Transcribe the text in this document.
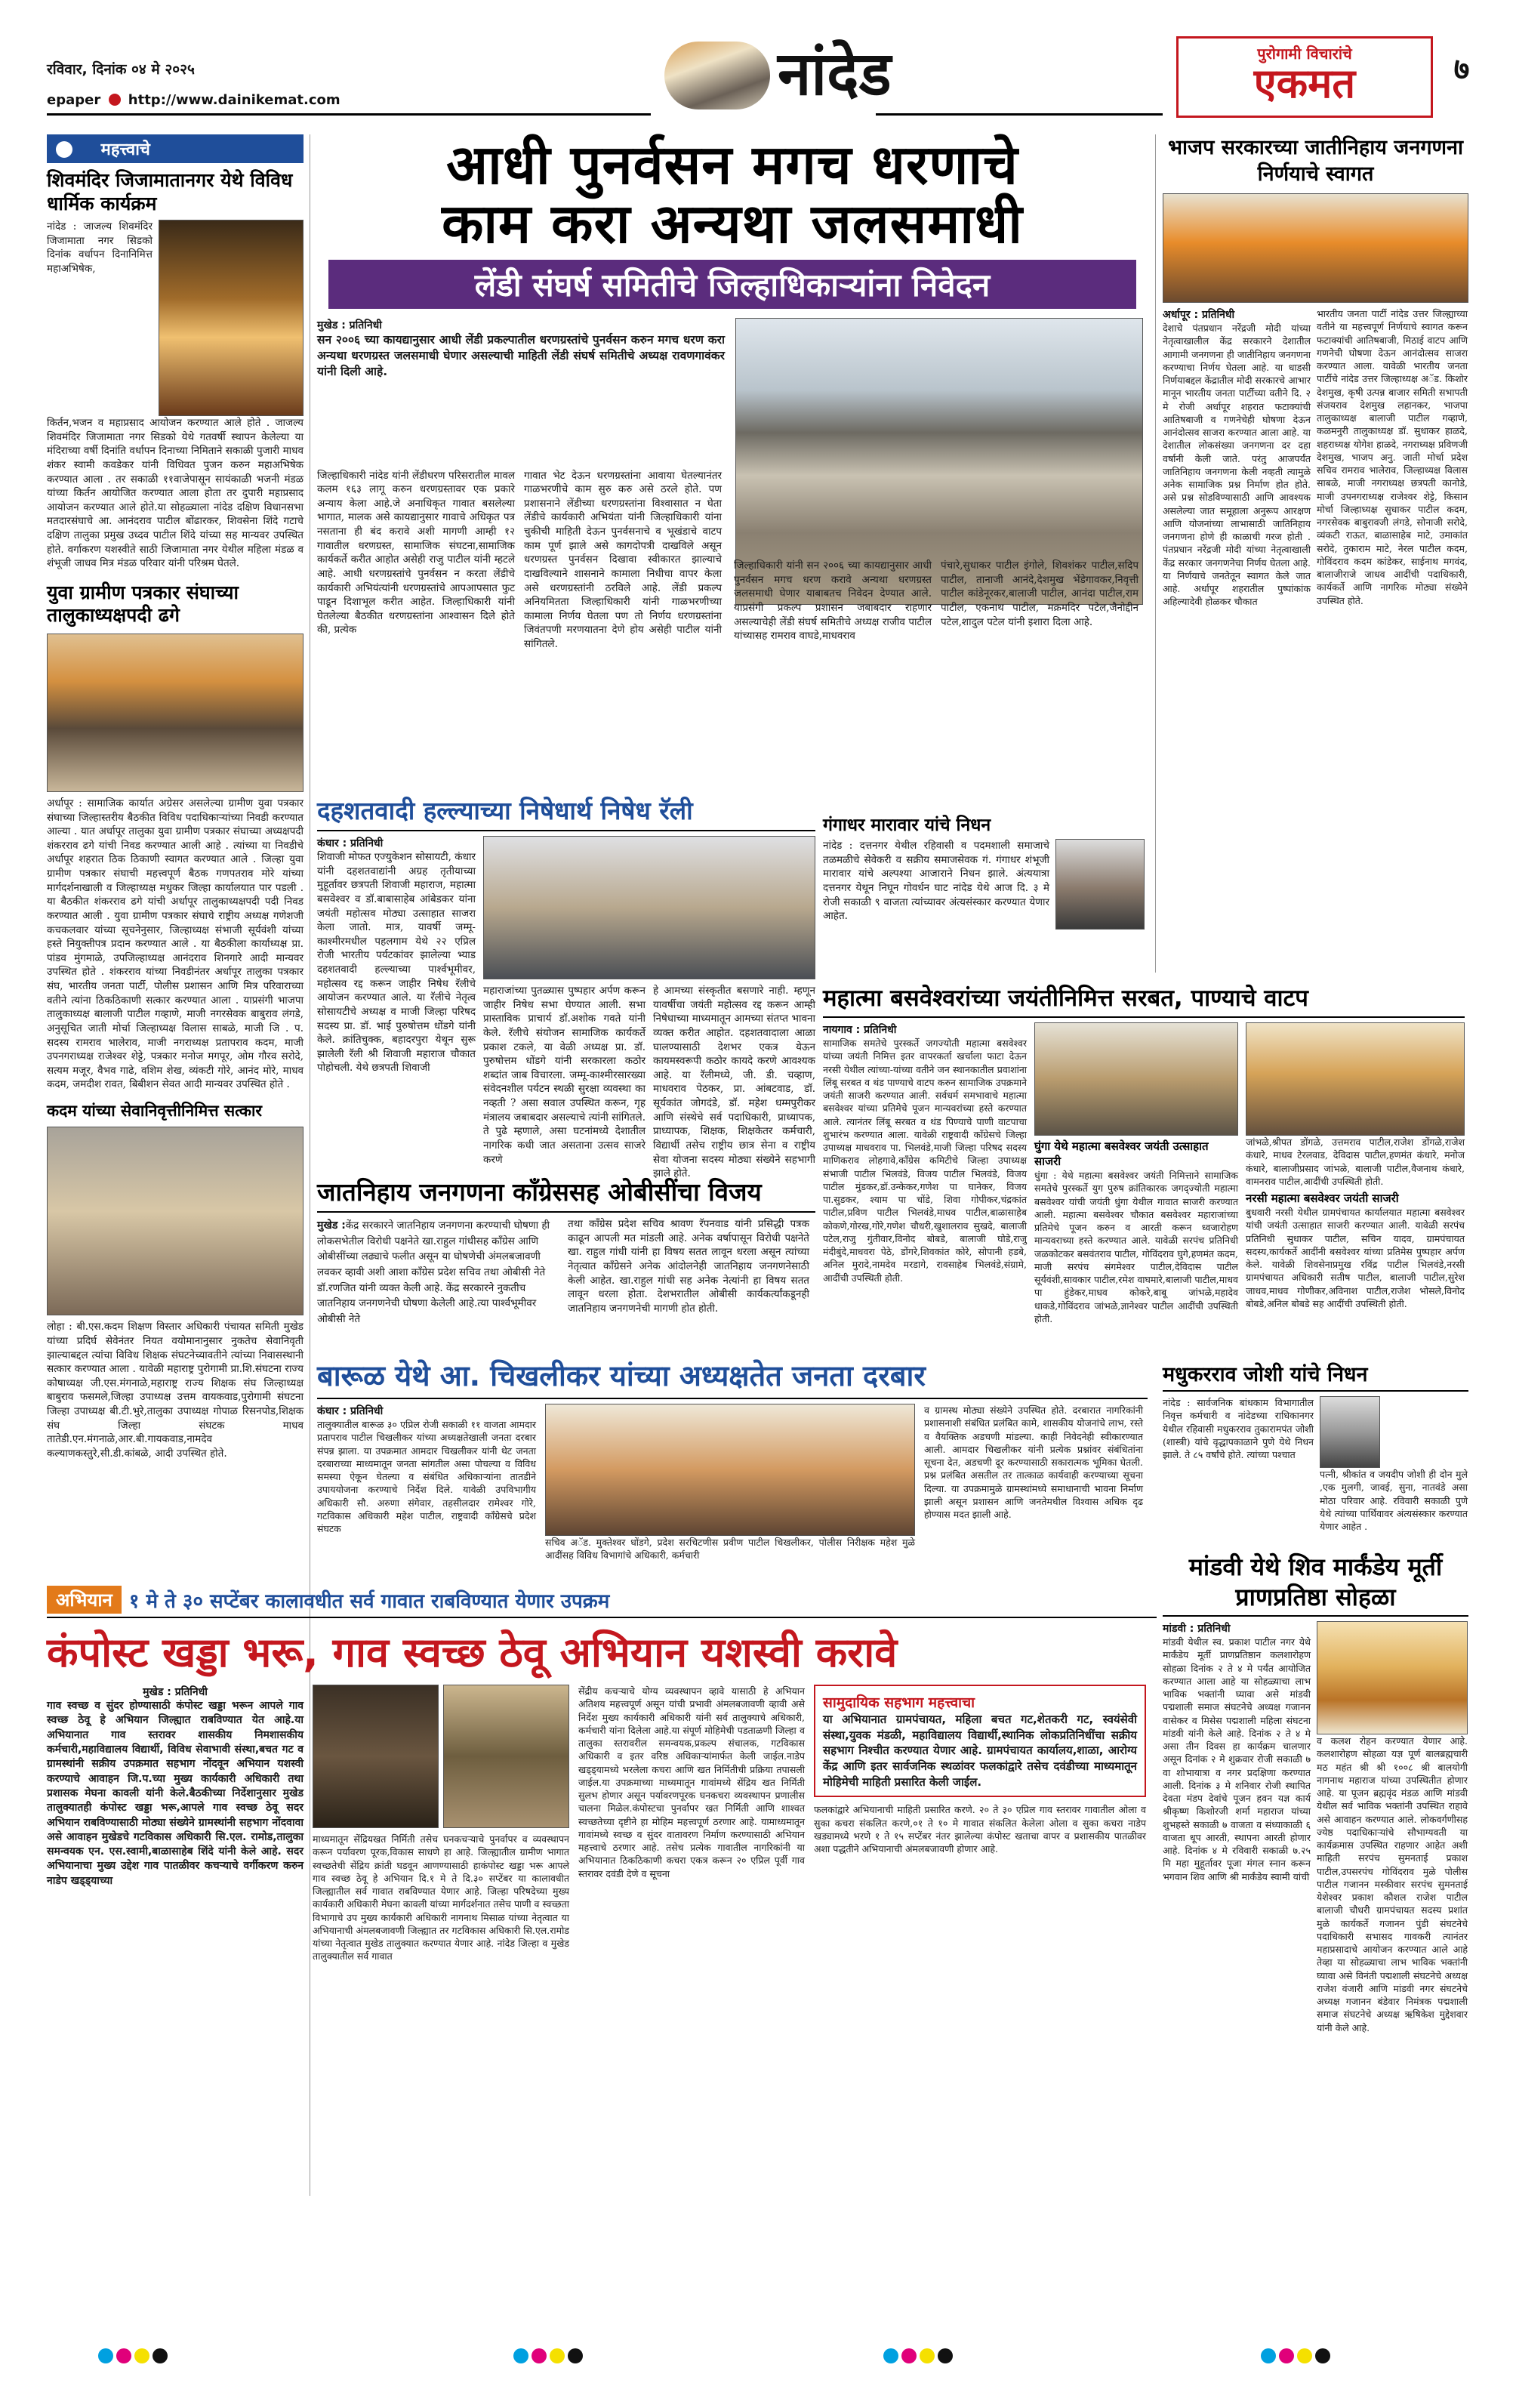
रविवार, दिनांक ०४ मे २०२५
epaper http://www.dainikemat.com	नांदेड	पुरोगामी विचारांचे
एकमत	७
महत्त्वाचे
शिवमंदिर जिजामातानगर येथे विविध धार्मिक कार्यक्रम
नांदेड : जाजल्य शिवमंदिर जिजामाता नगर सिडको दिनांक वर्धापन दिनानिमित्त महाअभिषेक,
किर्तन,भजन व महाप्रसाद आयोजन करण्यात आले होते . जाजल्य शिवमंदिर जिजामाता नगर सिडको येथे गतवर्षी स्थापन केलेल्या या मंदिराच्या वर्षी दिनांति वर्धापन दिनाच्या निमिताने सकाळी पुजारी माधव शंकर स्वामी कवडेकर यांनी विधिवत पुजन करुन महाअभिषेक करण्यात आला . तर सकाळी ११वाजेपासून सायंकाळी भजनी मंडळ यांच्या किर्तन आयोजित करण्यात आला होता तर दुपारी महाप्रसाद आयोजन करण्यात आले होते.या सोहळ्याला नांदेड दक्षिण विधानसभा मतदारसंघाचे आ. आनंदराव पाटील बोंढारकर, शिवसेना शिंदे गटाचे दक्षिण तालुका प्रमुख उध्दव पाटील शिंदे यांच्या सह मान्यवर उपस्थित होते. वर्गाकरण यशस्वीते साठी जिजामाता नगर येथील महिला मंडळ व शंभूजी जाधव मित्र मंडळ परिवार यांनी परिश्रम घेतले.
युवा ग्रामीण पत्रकार संघाच्या तालुकाध्यक्षपदी ढगे
अर्धापूर : सामाजिक कार्यात अग्रेसर असलेल्या ग्रामीण युवा पत्रकार संघाच्या जिल्हास्तरीय बैठकीत विविध पदाधिकाऱ्यांच्या निवडी करण्यात आल्या . यात अर्धापूर तालुका युवा ग्रामीण पत्रकार संघाच्या अध्यक्षपदी शंकरराव ढगे यांची निवड करण्यात आली आहे . त्यांच्या या निवडीचे अर्धापूर शहरात ठिक ठिकाणी स्वागत करण्यात आले . जिल्हा युवा ग्रामीण पत्रकार संघाची महत्त्वपूर्ण बैठक गणपतराव मोरे यांच्या मार्गदर्शनाखाली व जिल्हाध्यक्ष मधुकर जिल्हा कार्यालयात पार पडली . या बैठकीत शंकरराव ढगे यांची अर्धापूर तालुकाध्यक्षपदी पदी निवड करण्यात आली . युवा ग्रामीण पत्रकार संघाचे राष्ट्रीय अध्यक्ष गणेशजी कचकलवार यांच्या सूचनेनुसार, जिल्हाध्यक्ष संभाजी सूर्यवंशी यांच्या हस्ते नियुक्तीपत्र प्रदान करण्यात आले . या बैठकीला कार्याध्यक्ष प्रा. पांडव मुंगमाळे, उपजिल्हाध्यक्ष आनंदराव शिनगारे आदी मान्यवर उपस्थित होते . शंकरराव यांच्या निवडीनंतर अर्धापूर तालुका पत्रकार संघ, भारतीय जनता पार्टी, पोलीस प्रशासन आणि मित्र परिवाराच्या वतीने त्यांना ठिकठिकाणी सत्कार करण्यात आला . याप्रसंगी भाजपा तालुकाध्यक्ष बालाजी पाटील गव्हाणे, माजी नगरसेवक बाबुराव लंगडे, अनुसूचित जाती मोर्चा जिल्हाध्यक्ष विलास साबळे, माजी जि . प. सदस्य रामराव भालेराव, माजी नगराध्यक्ष प्रतापराव कदम, माजी उपनगराध्यक्ष राजेश्वर शेट्टे, पत्रकार मनोज मगपूर, ओम गौरव सरोदे, सत्यम मजूर, वैभव गाढे, वशिम शेख, व्यंकटी गोरे, आनंद मोरे, माधव कदम, जमदीश रावत, बिबीशन सेवत आदी मान्यवर उपस्थित होते .
कदम यांच्या सेवानिवृत्तीनिमित्त सत्कार
लोहा : बी.एस.कदम शिक्षण विस्तार अधिकारी पंचायत समिती मुखेड यांच्या प्रदिर्घ सेवेनंतर नियत वयोमानानुसार नुकतेच सेवानिवृती झाल्याबद्दल त्यांचा विविध शिक्षक संघटनेच्यावतीने त्यांच्या निवासस्थानी सत्कार करण्यात आला . यावेळी महाराष्ट्र पुरोगामी प्रा.शि.संघटना राज्य कोषाध्यक्ष जी.एस.मंगनाळे,महाराष्ट्र राज्य शिक्षक संघ जिल्हाध्यक्ष बाबुराव फसमले,जिल्हा उपाध्यक्ष उत्तम वायकवाड,पुरोगामी संघटना जिल्हा उपाध्यक्ष बी.टी.भुरे,तालुका उपाध्यक्ष गोपाळ रिसनपोड,शिक्षक संघ जिल्हा संघटक माधव तातेडी.एन.मंगनाळे,आर.बी.गायकवाड,नामदेव कल्याणकस्तुरे,सी.डी.कांबळे, आदी उपस्थित होते.
आधी पुनर्वसन मगच धरणाचे
काम करा अन्यथा जलसमाधी
लेंडी संघर्ष समितीचे जिल्हाधिकाऱ्यांना निवेदन
मुखेड : प्रतिनिधी
सन २००६ च्या कायद्यानुसार आधी लेंडी प्रकल्पातील धरणग्रस्तांचे पुनर्वसन करुन मगच धरण करा अन्यथा धरणग्रस्त जलसमाधी घेणार असल्याची माहिती लेंडी संघर्ष समितीचे अध्यक्ष रावणगावंकर यांनी दिली आहे.
जिल्हाधिकारी नांदेड यांनी लेंडीधरण परिसरातील मावल कलम १६३ लागू करुन धरणग्रस्तावर एक प्रकारे अन्याय केला आहे.जे अनाधिकृत गावात बसलेल्या भागात, मालक असे कायद्यानुसार गावाचे अधिकृत पत्र नसताना ही बंद करावे अशी मागणी आम्ही १२ गावातील धरणग्रस्त, सामाजिक संघटना,सामाजिक कार्यकर्ते करीत आहोत असेही राजु पाटील यांनी म्हटले आहे. आधी धरणग्रस्तांचे पुनर्वसन न करता लेंडीचे कार्यकारी अभियंत्यांनी धरणग्रस्तांचे आपआपसात फुट पाडून दिशाभूल करीत आहेत. जिल्हाधिकारी यांनी घेतलेल्या बैठकीत धरणग्रस्तांना आश्वासन दिले होते की, प्रत्येक
गावात भेट देऊन धरणग्रस्तांना आवाया घेतल्यानंतर गाळभरणीचे काम सुरु करु असे ठरले होते. पण प्रशासनाने लेंडीच्या धरणग्रस्तांना विश्वासात न घेता लेंडीचे कार्यकारी अभियंता यांनी जिल्हाधिकारी यांना चुकीची माहिती देऊन पुनर्वसनाचे व भूखंडाचे वाटप काम पूर्ण झाले असे कागदोपत्री दाखविले असून धरणग्रस्त पुनर्वसन दिखावा स्वीकारत झाल्याचे दाखविल्याने शासनाने कामाला निधीचा वापर केला असे धरणग्रस्तांनी ठरविले आहे. लेंडी प्रकल्प अनियमितता जिल्हाधिकारी यांनी गाळभरणीच्या कामाला निर्णय घेतला पण तो निर्णय धरणग्रस्तांना जिवंतपणी मरणयातना देणे होय असेही पाटील यांनी सांगितले.
जिल्हाधिकारी यांनी सन २००६ च्या कायद्यानुसार आधी पुनर्वसन मगच धरण करावे अन्यथा धरणग्रस्त जलसमाधी घेणार याबाबतच निवेदन देण्यात आले. याप्रसंगी प्रकल्प प्रशासन जबाबदार राहणार असल्याचेही लेंडी संघर्ष समितीचे अध्यक्ष राजीव पाटील यांच्यासह रामराव वाघडे,माधवराव
पंचारे,सुधाकर पाटील इंगोले, शिवशंकर पाटील,सदिप पाटील, तानाजी आनंदे,देशमुख भेंडेगावकर,निवृत्ती पाटील कांडेनूरकर,बालाजी पाटील, आनंदा पाटील,राम पाटील, एकनाथ पाटील, मक्रमदिर पटेल,जैनोद्दीन पटेल,शादुल पटेल यांनी इशारा दिला आहे.
दहशतवादी हल्ल्याच्या निषेधार्थ निषेध रॅली
कंधार : प्रतिनिधी
शिवाजी मोफत एज्युकेशन सोसायटी, कंधार यांनी दहशतवाद्यांनी अग्रह तृतीयाच्या मुहूर्तावर छत्रपती शिवाजी महाराज, महात्मा बसवेश्वर व डॉ.बाबासाहेब आंबेडकर यांना जयंती महोत्सव मोठ्या उत्साहात साजरा केला जातो. मात्र, यावर्षी जम्मू-काश्मीरमधील पहलगाम येथे २२ एप्रिल रोजी भारतीय पर्यटकांवर झालेल्या भ्याड दहशतवादी हल्ल्याच्या पार्श्वभूमीवर, महोत्सव रद्द करून जाहीर निषेध रॅलीचे आयोजन करण्यात आले. या रॅलीचे नेतृत्व सोसायटीचे अध्यक्ष व माजी जिल्हा परिषद सदस्य प्रा. डॉ. भाई पुरुषोत्तम धोंडगे यांनी केले. क्रांतिचुक्क, बहादरपुरा येथून सुरू झालेली रॅली श्री शिवाजी महाराज चौकात पोहोचली. येथे छत्रपती शिवाजी
महाराजांच्या पुतळ्यास पुष्पहार अर्पण करून जाहीर निषेध सभा घेण्यात आली. सभा प्रास्ताविक प्राचार्य डॉ.अशोक गवते यांनी केले. रॅलीचे संयोजन सामाजिक कार्यकर्ते प्रकाश टकले, या वेळी अध्यक्ष प्रा. डॉ. पुरुषोत्तम धोंडगे यांनी सरकारला कठोर शब्दांत जाब विचारला. जम्मू-काश्मीरसारख्या संवेदनशील पर्यटन स्थळी सुरक्षा व्यवस्था का नव्हती ? असा सवाल उपस्थित करून, गृह मंत्रालय जबाबदार असल्याचे त्यांनी सांगितले. ते पुढे म्हणाले, असा घटनांमध्ये देशातील नागरिक कधी जात असताना उत्सव साजरे करणे
हे आमच्या संस्कृतीत बसणारे नाही. म्हणून यावर्षीचा जयंती महोत्सव रद्द करून आम्ही निषेधाच्या माध्यमातून आमच्या संतप्त भावना व्यक्त करीत आहोत. दहशतवादाला आळा घालण्यासाठी देशभर एकत्र येऊन कायमस्वरूपी कठोर कायदे करणे आवश्यक आहे. या रॅलीमध्ये, जी. डी. चव्हाण, माधवराव पेठकर, प्रा. आंबटवाड, डॉ. सूर्यकांत जोगदंडे, डॉ. महेश धम्मपुरीकर आणि संस्थेचे सर्व पदाधिकारी, प्राध्यापक, प्राध्यापक, शिक्षक, शिक्षकेतर कर्मचारी, विद्यार्थी तसेच राष्ट्रीय छात्र सेना व राष्ट्रीय सेवा योजना सदस्य मोठ्या संख्येने सहभागी झाले होते.
गंगाधर मारावार यांचे निधन
नांदेड : दत्तनगर येथील रहिवासी व पदमशाली समाजाचे तळमळीचे सेवेकरी व सक्रीय समाजसेवक गं. गंगाधर शंभूजी मारावार यांचे अल्पश्या आजाराने निधन झाले. अंत्ययात्रा दत्तनगर येथून निघून गोवर्धन घाट नांदेड येथे आज दि. ३ मे रोजी सकाळी ९ वाजता त्यांच्यावर अंत्यसंस्कार करण्यात येणार आहेत.
जातनिहाय जनगणना कॉंग्रेससह ओबीसींचा विजय
मुखेड :केंद्र सरकारने जातनिहाय जनगणना करण्याची घोषणा ही लोकसभेतील विरोधी पक्षनेते खा.राहुल गांधीसह कॉंग्रेस आणि ओबीसींच्या लढ्याचे फलीत असून या घोषणेची अंमलबजावणी लवकर व्हावी अशी आशा कॉंग्रेस प्रदेश सचिव तथा ओबीसी नेते डॉ.रणजित यांनी व्यक्त केली आहे. केंद्र सरकारने नुकतीच जातनिहाय जनगणनेची घोषणा केलेली आहे.त्या पार्श्वभूमीवर ओबीसी नेते
तथा कॉंग्रेस प्रदेश सचिव श्रावण रॅपनवाड यांनी प्रसिद्धी पत्रक काढून आपली मत मांडली आहे. अनेक वर्षापासून विरोधी पक्षनेते खा. राहुल गांधी यांनी हा विषय सतत लावून धरला असून त्यांच्या नेतृत्वात कॉंग्रेसने अनेक आंदोलनेही जातनिहाय जनगणनेसाठी केली आहेत. खा.राहुल गांधी सह अनेक नेत्यांनी हा विषय सतत लावून धरला होता. देशभरातील ओबीसी कार्यकर्त्यांकडूनही जातनिहाय जनगणनेची मागणी होत होती.
महात्मा बसवेश्वरांच्या जयंतीनिमित्त सरबत, पाण्याचे वाटप
नायगाव : प्रतिनिधी
सामाजिक समतेचे पुरस्कर्ते जगज्योती महात्मा बसवेश्वर यांच्या जयंती निमित्त इतर वापरकर्ता खर्चाला फाटा देऊन नरसी येथील त्यांच्या-यांच्या वतीने जन स्थानकातील प्रवाशांना लिंबू सरबत व थंड पाण्याचे वाटप करुन सामाजिक उपक्रमाने जयंती साजरी करण्यात आली. सर्वधर्म समभावाचे महात्मा बसवेश्वर यांच्या प्रतिमेचे पूजन मान्यवरांच्या हस्ते करण्यात आले. त्यानंतर लिंबू सरबत व थंड पिण्याचे पाणी वाटपाचा शुभारंभ करण्यात आला. यावेळी राष्ट्रवादी कॉंग्रेसचे जिल्हा उपाध्यक्ष माधवराव पा. भिलवंडे,माजी जिल्हा परिषद सदस्य माणिकराव लोहगावे,कॉंग्रेस कमिटीचे जिल्हा उपाध्यक्ष संभाजी पाटील भिलवंडे, विजय पाटील भिलवंडे, विजय पाटील मुंडकर,डॉ.उन्केकर,गणेश पा घानेकर, विजय पा.सुडकर, श्याम पा चोंडे, शिवा गोपीकर,चंद्रकांत पाटील,प्रविण पाटील भिलवंडे,माधव पाटील,बाळासाहेब कोकणे,गोरख,गोरे,गणेश चौधरी,खुशालराव सुखदे, बालाजी पटेल,राजु गुंतीवार,विनोद बोबडे, बालाजी घोडे,राजु मंदीबुंदे,माधवरा पेठे, डोंगरे,शिवकांत कोरे, सोपानी हडबे, अनिल मुरादे,नामदेव मरडागे, रावसाहेब भिलवंडे,संग्रामे, आदींची उपस्थिती होती.
घुंगा येथे महात्मा बसवेश्वर जयंती उत्साहात साजरी
धुंगा : येथे महात्मा बसवेश्वर जयंती निमित्ताने सामाजिक समतेचे पुरस्कर्ते युग पुरुष क्रांतिकारक जगद्ज्योती महात्मा बसवेश्वर यांची जयंती धुंगा येथील गावात साजरी करण्यात आली. महात्मा बसवेश्वर चौकात बसवेश्वर महाराजांच्या प्रतिमेचे पूजन करुन व आरती करून ध्वजारोहण मान्यवराच्या हस्ते करण्यात आले. यावेळी सरपंच प्रतिनिधी जळकोटकर बसवंतराव पाटील, गोविंदराव घुगे,हणमंत कदम, माजी सरपंच संगमेश्वर पाटील,देविदास पाटील सूर्यवंशी,सावकार पाटील,रमेश वाघमारे,बालाजी पाटील,माधव पा हुंडेकर,माधव कोकरे,बाबू जांभळे,महादेव धाकडे,गोविंदराव जांभळे,ज्ञानेश्वर पाटील आदींची उपस्थिती होती.
जांभळे,श्रीपत डोंगळे, उत्तमराव पाटील,राजेश डोंगळे,राजेश कंधारे, माधव टेरलवाड, देविदास पाटील,हणमंत कंधारे, मनोज कंधारे, बालाजीप्रसाद जांभळे, बालाजी पाटील,वैजनाथ कंधारे, वामनराव पाटील,आदींची उपस्थिती होती.
नरसी महात्मा बसवेश्वर जयंती साजरी
बुधवारी नरसी येथील ग्रामपंचायत कार्यालयात महात्मा बसवेश्वर यांची जयंती उत्साहात साजरी करण्यात आली. यावेळी सरपंच प्रतिनिधी सुधाकर पाटील, सचिन यादव, ग्रामपंचायत सदस्य,कार्यकर्ते आदींनी बसवेश्वर यांच्या प्रतिमेस पुष्पहार अर्पण केले. यावेळी शिवसेनाप्रमुख रविंद्र पाटील भिलवंडे,नरसी ग्रामपंचायत अधिकारी सतीष पाटील, बालाजी पाटील,सुरेश जाधव,माधव गोणीकर,अविनाश पाटील,राजेश भोसले,विनोद बोबडे,अनिल बोबडे सह आदींची उपस्थिती होती.
भाजप सरकारच्या जातीनिहाय जनगणना निर्णयाचे स्वागत
अर्धापूर : प्रतिनिधी
देशाचे पंतप्रधान नरेंद्रजी मोदी यांच्या नेतृत्वाखालील केंद्र सरकारने देशातील आगामी जनगणना ही जातीनिहाय जनगणना करण्याचा निर्णय घेतला आहे. या धाडसी निर्णयाबद्दल केंद्रातील मोदी सरकारचे आभार मानून भारतीय जनता पार्टीच्या वतीने दि. २ मे रोजी अर्धापूर शहरात फटाक्यांची आतिषबाजी व गणनेचेही घोषणा देऊन आनंदोत्सव साजरा करण्यात आला आहे. या देशातील लोकसंख्या जनगणना दर दहा वर्षानी केली जाते. परंतु आजपर्यंत जातिनिहाय जनगणना केली नव्हती त्यामुळे अनेक सामाजिक प्रश्न निर्माण होत होते. असे प्रश्न सोडविण्यासाठी आणि आवश्यक असलेल्या जात समूहाला अनुरूप आरक्षण आणि योजनांच्या लाभासाठी जातिनिहाय जनगणना होणे ही काळाची गरज होती . पंतप्रधान नरेंद्रजी मोदी यांच्या नेतृत्वाखाली केंद्र सरकार जनगणनेचा निर्णय घेतला आहे. या निर्णयाचे जनतेतून स्वागत केले जात आहे. अर्धापूर शहरातील पुष्पांकांक अहिल्यादेवी होळकर चौकात
भारतीय जनता पार्टी नांदेड उत्तर जिल्ह्याच्या वतीने या महत्त्वपूर्ण निर्णयाचे स्वागत करून फटाक्यांची आतिषबाजी, मिठाई वाटप आणि गणनेची घोषणा देऊन आनंदोत्सव साजरा करण्यात आला. यावेळी भारतीय जनता पार्टीचे नांदेड उत्तर जिल्हाध्यक्ष अॅड. किशोर देशमुख, कृषी उत्पन्न बाजार समिती सभापती संजयराव देशमुख लहानकर, भाजपा तालुकाध्यक्ष बालाजी पाटील गव्हाणे, कळमनुरी तालुकाध्यक्ष डॉ. सुधाकर हाळदे, शहराध्यक्ष योगेश हाळदे, नगराध्यक्ष प्रविणजी देशमुख, भाजप अनु. जाती मोर्चा प्रदेश सचिव रामराव भालेराव, जिल्हाध्यक्ष विलास साबळे, माजी नगराध्यक्ष छत्रपती कानोडे, माजी उपनगराध्यक्ष राजेश्वर शेट्टे, किसान मोर्चा जिल्हाध्यक्ष सुधाकर पाटील कदम, नगरसेवक बाबुरावजी लंगडे, सोनाजी सरोदे, व्यंकटी राऊत, बाळासाहेब माटे, उमाकांत सरोदे, तुकाराम माटे, नेरल पाटील कदम, गोविंदराव कदम कांडेकर, साईनाथ मगवंद, बालाजीराजे जाधव आदींची पदाधिकारी, कार्यकर्ते आणि नागरिक मोठ्या संख्येने उपस्थित होते.
बारूळ येथे आ. चिखलीकर यांच्या अध्यक्षतेत जनता दरबार
कंधार : प्रतिनिधी
तालुक्यातील बारूळ ३० एप्रिल रोजी सकाळी ११ वाजता आमदार प्रतापराव पाटील चिखलीकर यांच्या अध्यक्षतेखाली जनता दरबार संपन्न झाला. या उपक्रमात आमदार चिखलीकर यांनी थेट जनता दरबाराच्या माध्यमातून जनता सांगतील असा पोचल्या व विविध समस्या ऐकून घेतल्या व संबंधित अधिकाऱ्यांना तातडीने उपाययोजना करण्याचे निर्देश दिले. यावेळी उपविभागीय अधिकारी सौ. अरुणा संगेवार, तहसीलदार रामेश्वर गोरे, गटविकास अधिकारी महेश पाटील, राष्ट्रवादी कॉंग्रेसचे प्रदेश संघटक
सचिव अॅड. मुक्तेश्वर धोंडगे, प्रदेश सरचिटणीस प्रवीण पाटील चिखलीकर, पोलीस निरीक्षक महेश मुळे आदींसह विविध विभागांचे अधिकारी, कर्मचारी
व ग्रामस्थ मोठ्या संख्येने उपस्थित होते. दरबारात नागरिकांनी प्रशासनाशी संबंधित प्रलंबित कामे, शासकीय योजनांचे लाभ, रस्ते व वैयक्तिक अडचणी मांडल्या. काही निवेदनेही स्वीकारण्यात आली. आमदार चिखलीकर यांनी प्रत्येक प्रश्नांवर संबंधितांना सूचना देत, अडचणी दूर करण्यासाठी सकारात्मक भूमिका घेतली. प्रश्न प्रलंबित असतील तर तात्काळ कार्यवाही करण्याच्या सूचना दिल्या. या उपक्रमामुळे ग्रामस्थांमध्ये समाधानाची भावना निर्माण झाली असून प्रशासन आणि जनतेमधील विश्वास अधिक दृढ होण्यास मदत झाली आहे.
मधुकरराव जोशी यांचे निधन
नांदेड : सार्वजनिक बांधकाम विभागातील निवृत्त कर्मचारी व नांदेडच्या राधिकानगर येथील रहिवासी मधुकरराव तुकारामपंत जोशी (शास्त्री) यांचे वृद्धापकाळाने पुणे येथे निधन झाले. ते ८५ वर्षांचे होते. त्यांच्या पश्चात
पत्नी, श्रीकांत व जयदीप जोशी ही दोन मुले ,एक मुलगी, जावई, सुना, नातवंडे असा मोठा परिवार आहे. रविवारी सकाळी पुणे येथे त्यांच्या पार्थिवावर अंत्यसंस्कार करण्यात येणार आहेत .
मांडवी येथे शिव मार्कंडेय मूर्ती प्राणप्रतिष्ठा सोहळा
मांडवी : प्रतिनिधी
मांडवी येथील स्व. प्रकाश पाटील नगर येथे मार्कंडेय मूर्ती प्राणप्रतिष्ठान कलशारोहण सोहळा दिनांक २ ते ४ मे पर्यंत आयोजित करण्यात आला आहे या सोहळ्याचा लाभ भाविक भक्तांनी घ्यावा असे मांडवी पद्मशाली समाज संघटनेचे अध्यक्ष गजानन वासेकर व मिसेस पद्मशाली महिला संघटना मांडवी यांनी केले आहे. दिनांक २ ते ४ मे असा तीन दिवस हा कार्यक्रम चालणार असून दिनांक २ मे शुक्रवार रोजी सकाळी ७ वा शोभायात्रा व नगर प्रदक्षिणा करण्यात आली. दिनांक ३ मे शनिवार रोजी स्थापित देवता मंडप देवांचे पूजन हवन यज्ञ कार्य श्रीकृष्ण किशोरजी शर्मा महाराज यांच्या शुभहस्ते सकाळी ७ वाजता व संध्याकाळी ६ वाजता धूप आरती, स्थापना आरती होणार आहे. दिनांक ४ मे रविवारी सकाळी ७.२५ मि महा मुहूर्तावर पूजा मंगल स्नान करून भगवान शिव आणि श्री मार्कंडेय स्वामी यांची
व कलश रोहन करण्यात येणार आहे. कलशारोहण सोहळा यज्ञ पूर्ण बालब्रह्मचारी मठ महंत श्री श्री १००८ श्री बालयोगी नागनाथ महाराज यांच्या उपस्थितीत होणार आहे. या पूजन ब्रह्मवृंद मंडळ आणि मांडवी येथील सर्व भाविक भक्तांनी उपस्थित राहावे असे आवाहन करण्यात आले. लोकवर्गणीसह ज्येष्ठ पदाधिकाऱ्यांचे सौभाग्यवती या कार्यक्रमास उपस्थित राहणार आहेत अशी माहिती सरपंच सुमनताई प्रकाश पाटील,उपसरपंच गोविंदराव मुळे पोलीस पाटील गजानन मस्कीवार सरपंच सुमनताई येशेश्वर प्रकाश कौशल राजेश पाटील बालाजी चौधरी ग्रामपंचायत सदस्य प्रशांत मुळे कार्यकर्ते गजानन पुंडी संघटनेचे पदाधिकारी सभासद गावकरी त्यानंतर महाप्रसादाचे आयोजन करण्यात आले आहे तेव्हा या सोहळ्याचा लाभ भाविक भक्तांनी घ्यावा असे विनंती पद्मशाली संघटनेचे अध्यक्ष राजेश वंजारी आणि मांडवी नगर संघटनेचे अध्यक्ष गजानन बंडेवार निमंत्रक पद्मशाली समाज संघटनेचे अध्यक्ष ऋषिकेश मुद्देशवार यांनी केले आहे.
अभियान १ मे ते ३० सप्टेंबर कालावधीत सर्व गावात राबविण्यात येणार उपक्रम
कंपोस्ट खड्डा भरू, गाव स्वच्छ ठेवू अभियान यशस्वी करावे
मुखेड : प्रतिनिधी
गाव स्वच्छ व सुंदर होण्यासाठी कंपोस्ट खड्डा भरून आपले गाव स्वच्छ ठेवू हे अभियान जिल्ह्यात राबविण्यात येत आहे.या अभियानात गाव स्तरावर शासकीय निमशासकीय कर्मचारी,महाविद्यालय विद्यार्थी, विविध सेवाभावी संस्था,बचत गट व ग्रामस्थांनी सक्रीय उपक्रमात सहभाग नोंदवून अभियान यशस्वी करण्याचे आवाहन जि.प.च्या मुख्य कार्यकारी अधिकारी तथा प्रशासक मेघना कावली यांनी केले.बैठकीच्या निर्देशानुसार मुखेड तालुक्यातही कंपोस्ट खड्डा भरू,आपले गाव स्वच्छ ठेवू सदर अभियान राबविण्यासाठी मोठ्या संख्येने ग्रामस्थांनी सहभाग नोंदवावा असे आवाहन मुखेडचे गटविकास अधिकारी सि.एल. रामोड,तालुका समन्वयक एन. एस.स्वामी,बाळासाहेब शिंदे यांनी केले आहे. सदर अभियानाचा मुख्य उद्देश गाव पातळीवर कचऱ्याचे वर्गीकरण करुन नाडेप खड्ड्याच्या
माध्यमातून सेंद्रियखत निर्मिती तसेच घनकचऱ्याचे पुनर्वापर व व्यवस्थापन करून पर्यावरण पूरक,विकास साधणे हा आहे. जिल्ह्यातील ग्रामीण भागात स्वच्छतेची सेंद्रिय क्रांती घडवून आणण्यासाठी हाकंपोस्ट खड्डा भरू आपले गाव स्वच्छ ठेवू हे अभियान दि.१ मे ते दि.३० सप्टेंबर या कालावधीत जिल्ह्यातील सर्व गावात राबविण्यात येणार आहे. जिल्हा परिषदेच्या मुख्य कार्यकारी अधिकारी मेघना कावली यांच्या मार्गदर्शनात तसेच पाणी व स्वच्छता विभागाचे उप मुख्य कार्यकारी अधिकारी नागनाथ मिसाळ यांच्या नेतृत्वात या अभियानाची अंमलबजावणी जिल्ह्यात तर गटविकास अधिकारी सि.एल.रामोड यांच्या नेतृत्वात मुखेड तालुक्यात करण्यात येणार आहे. नांदेड जिल्हा व मुखेड तालुक्यातील सर्व गावात
सेंद्रीय कचऱ्याचे योग्य व्यवस्थापन व्हावे यासाठी हे अभियान अतिशय महत्त्वपूर्ण असून यांची प्रभावी अंमलबजावणी व्हावी असे निर्देश मुख्य कार्यकारी अधिकारी यांनी सर्व तालुक्याचे अधिकारी, कर्मचारी यांना दिलेला आहे.या संपूर्ण मोहिमेची पडताळणी जिल्हा व तालुका स्तरावरील समन्वयक,प्रकल्प संचालक, गटविकास अधिकारी व इतर वरिष्ठ अधिकाऱ्यांमार्फत केली जाईल.नाडेप खड्ड्यामध्ये भरलेला कचरा आणि खत निर्मितीची प्रक्रिया तपासली जाईल.या उपक्रमाच्या माध्यमातून गावांमध्ये सेंद्रिय खत निर्मिती सुलभ होणार असून पर्यावरणपूरक घनकचरा व्यवस्थापन प्रणालीस चालना मिळेल.कंपोस्टचा पुनर्वापर खत निर्मिती आणि शाश्वत स्वच्छतेच्या दृष्टीने हा मोहिम महत्त्वपूर्ण ठरणार आहे. यामाध्यमातून गावांमध्ये स्वच्छ व सुंदर वातावरण निर्माण करण्यासाठी अभियान महत्त्वाचे ठरणार आहे. तसेच प्रत्येक गावातील नागरिकांनी या अभियानात ठिकठिकाणी कचरा एकत्र करून २० एप्रिल पूर्वी गाव स्तरावर दवंडी देणे व सूचना
सामुदायिक सहभाग महत्त्वाचा
या अभियानात ग्रामपंचायत, महिला बचत गट,शेतकरी गट, स्वयंसेवी संस्था,युवक मंडळी, महाविद्यालय विद्यार्थी,स्थानिक लोकप्रतिनिधींचा सक्रीय सहभाग निश्चीत करण्यात येणार आहे. ग्रामपंचायत कार्यालय,शाळा, आरोग्य केंद्र आणि इतर सार्वजनिक स्थळांवर फलकांद्वारे तसेच दवंडीच्या माध्यमातून मोहिमेची माहिती प्रसारित केली जाईल.
फलकांद्वारे अभियानाची माहिती प्रसारित करणे. २० ते ३० एप्रिल गाव स्तरावर गावातील ओला व सुका कचरा संकलित करणे,०१ ते १० मे गावात संकलित केलेला ओला व सुका कचरा नाडेप खड्यामध्ये भरणे १ ते १५ सप्टेंबर नंतर झालेल्या कंपोस्ट खताचा वापर व प्रशासकीय पातळीवर अशा पद्धतीने अभियानाची अंमलबजावणी होणार आहे.
